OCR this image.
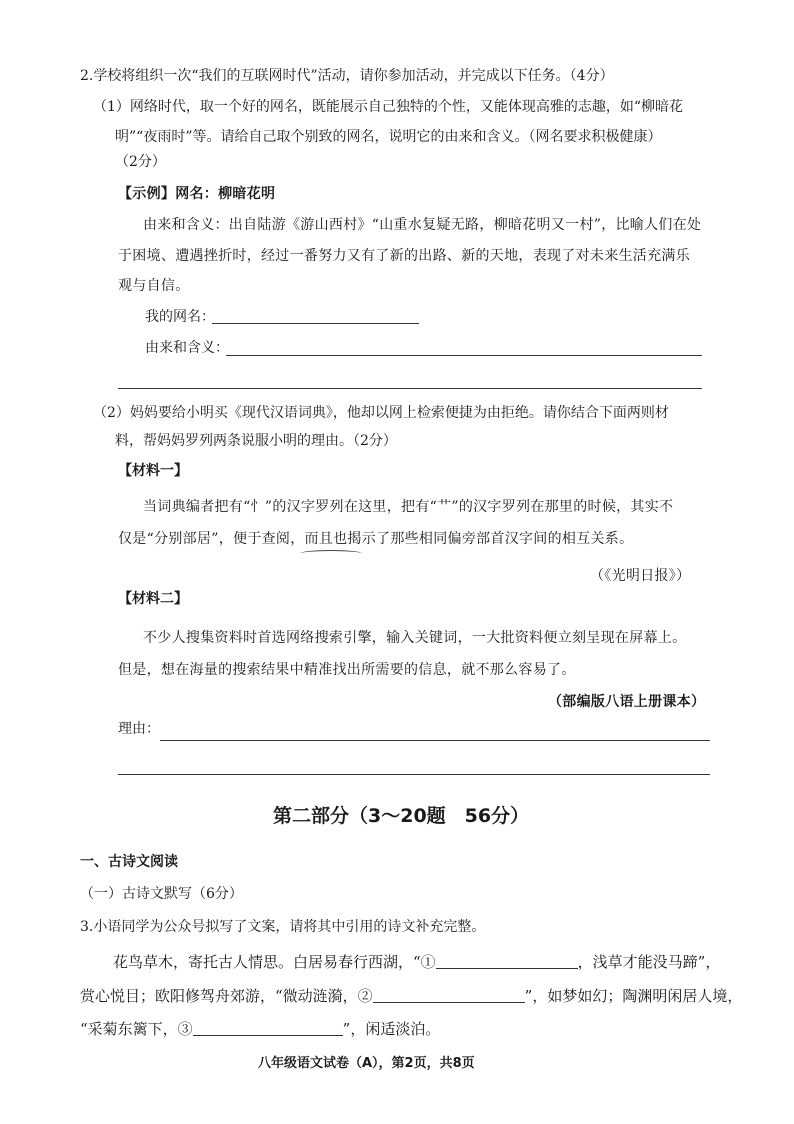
2.学校将组织一次“我们的互联网时代”活动，请你参加活动，并完成以下任务。（4分）
（1）网络时代，取一个好的网名，既能展示自己独特的个性，又能体现高雅的志趣，如“柳暗花
明”“夜雨时”等。请给自己取个别致的网名，说明它的由来和含义。（网名要求积极健康）
（2分）
【示例】网名：柳暗花明
由来和含义：出自陆游《游山西村》“山重水复疑无路，柳暗花明又一村”，比喻人们在处
于困境、遭遇挫折时，经过一番努力又有了新的出路、新的天地，表现了对未来生活充满乐
观与自信。
我的网名：
由来和含义：
（2）妈妈要给小明买《现代汉语词典》，他却以网上检索便捷为由拒绝。请你结合下面两则材
料，帮妈妈罗列两条说服小明的理由。（2分）
【材料一】
当词典编者把有“忄”的汉字罗列在这里，把有“艹”的汉字罗列在那里的时候，其实不
仅是“分别部居”，便于查阅，而且也揭示了那些相同偏旁部首汉字间的相互关系。
（《光明日报》）
【材料二】
不少人搜集资料时首选网络搜索引擎，输入关键词，一大批资料便立刻呈现在屏幕上。
但是，想在海量的搜索结果中精准找出所需要的信息，就不那么容易了。
（部编版八语上册课本）
理由：
第二部分（3～20题　56分）
一、古诗文阅读
（一）古诗文默写（6分）
3.小语同学为公众号拟写了文案，请将其中引用的诗文补充完整。
花鸟草木，寄托古人情思。白居易春行西湖，“①	，浅草才能没马蹄”，
赏心悦目；欧阳修驾舟郊游，“微动涟漪，②	”，如梦如幻；陶渊明闲居人境，
“采菊东篱下，③	”，闲适淡泊。
八年级语文试卷（A），第2页，共8页
